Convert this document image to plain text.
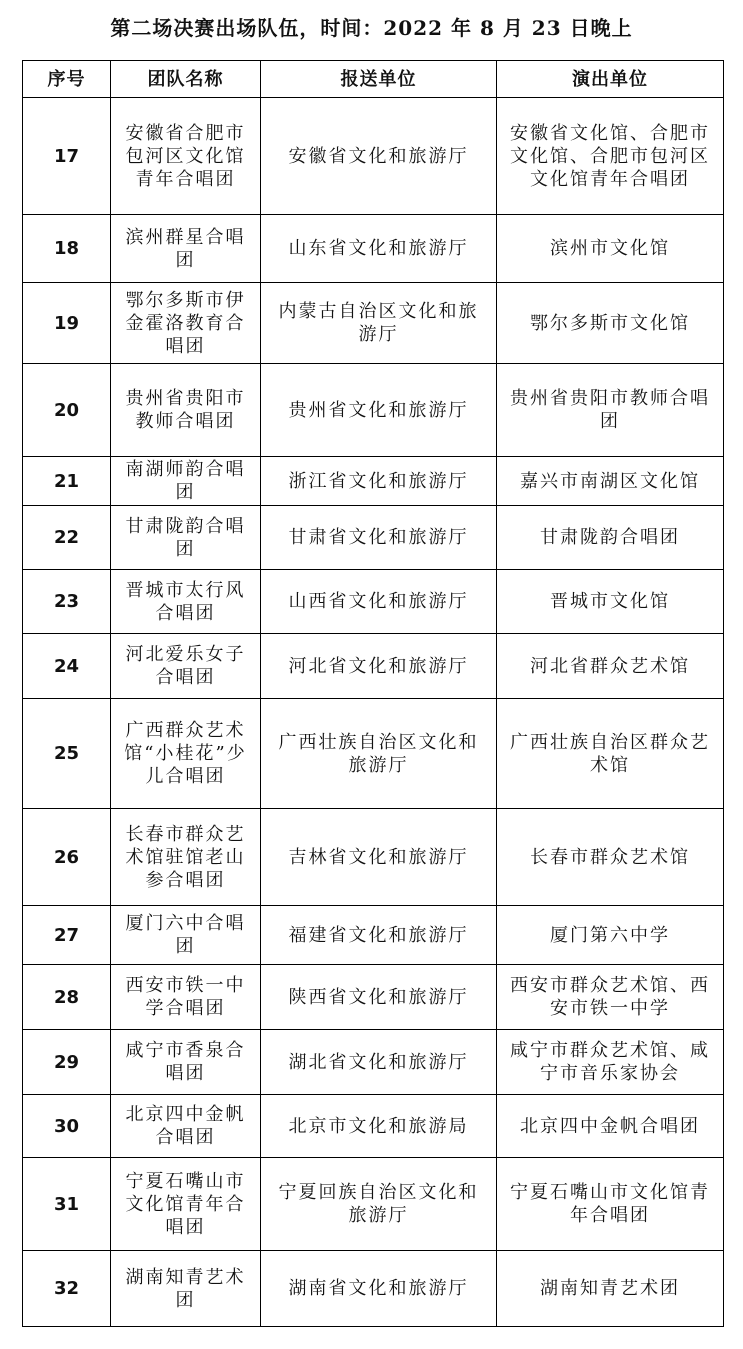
第二场决赛出场队伍，时间：2022 年 8 月 23 日晚上
序号	团队名称	报送单位	演出单位
17	安徽省合肥市包河区文化馆青年合唱团	安徽省文化和旅游厅	安徽省文化馆、合肥市文化馆、合肥市包河区文化馆青年合唱团
18	滨州群星合唱团	山东省文化和旅游厅	滨州市文化馆
19	鄂尔多斯市伊金霍洛教育合唱团	内蒙古自治区文化和旅游厅	鄂尔多斯市文化馆
20	贵州省贵阳市教师合唱团	贵州省文化和旅游厅	贵州省贵阳市教师合唱团
21	南湖师韵合唱团	浙江省文化和旅游厅	嘉兴市南湖区文化馆
22	甘肃陇韵合唱团	甘肃省文化和旅游厅	甘肃陇韵合唱团
23	晋城市太行风合唱团	山西省文化和旅游厅	晋城市文化馆
24	河北爱乐女子合唱团	河北省文化和旅游厅	河北省群众艺术馆
25	广西群众艺术馆“小桂花”少儿合唱团	广西壮族自治区文化和旅游厅	广西壮族自治区群众艺术馆
26	长春市群众艺术馆驻馆老山参合唱团	吉林省文化和旅游厅	长春市群众艺术馆
27	厦门六中合唱团	福建省文化和旅游厅	厦门第六中学
28	西安市铁一中学合唱团	陕西省文化和旅游厅	西安市群众艺术馆、西安市铁一中学
29	咸宁市香泉合唱团	湖北省文化和旅游厅	咸宁市群众艺术馆、咸宁市音乐家协会
30	北京四中金帆合唱团	北京市文化和旅游局	北京四中金帆合唱团
31	宁夏石嘴山市文化馆青年合唱团	宁夏回族自治区文化和旅游厅	宁夏石嘴山市文化馆青年合唱团
32	湖南知青艺术团	湖南省文化和旅游厅	湖南知青艺术团
